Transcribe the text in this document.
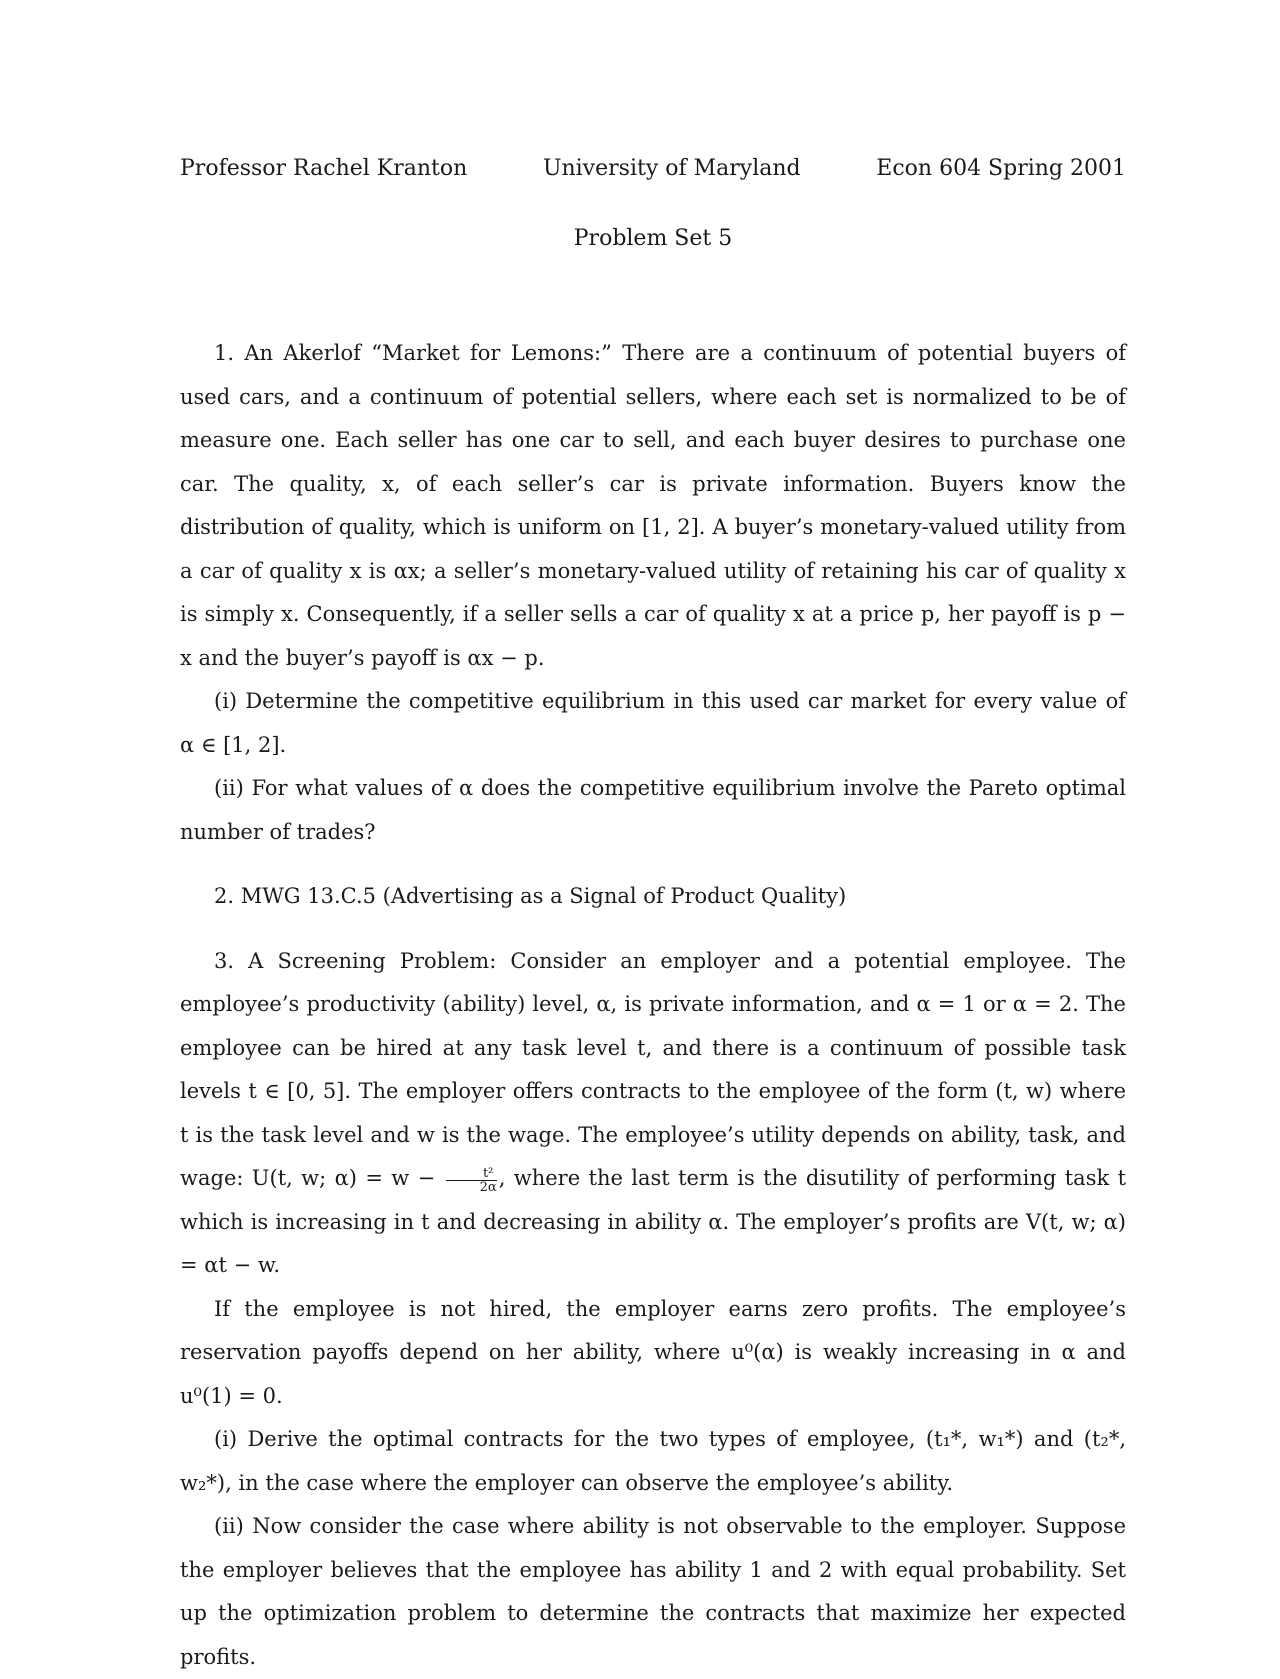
Professor Rachel Kranton	University of Maryland	Econ 604 Spring 2001
Problem Set 5

1. An Akerlof “Market for Lemons:” There are a continuum of potential buyers of used cars, and a continuum of potential sellers, where each set is normalized to be of measure one. Each seller has one car to sell, and each buyer desires to purchase one car. The quality, x, of each seller’s car is private information. Buyers know the distribution of quality, which is uniform on [1, 2]. A buyer’s monetary-valued utility from a car of quality x is αx; a seller’s monetary-valued utility of retaining his car of quality x is simply x. Consequently, if a seller sells a car of quality x at a price p, her payoff is p − x and the buyer’s payoff is αx − p.

(i) Determine the competitive equilibrium in this used car market for every value of α ∈ [1, 2].

(ii) For what values of α does the competitive equilibrium involve the Pareto optimal number of trades?

2. MWG 13.C.5 (Advertising as a Signal of Product Quality)

3. A Screening Problem: Consider an employer and a potential employee. The employee’s productivity (ability) level, α, is private information, and α = 1 or α = 2. The employee can be hired at any task level t, and there is a continuum of possible task levels t ∈ [0, 5]. The employer offers contracts to the employee of the form (t, w) where t is the task level and w is the wage. The employee’s utility depends on ability, task, and wage: U(t, w; $\alpha) = w - \frac{\text{t²}}{2\alpha}$ , where the last term is the disutility of performing task t which is increasing in t and decreasing in ability α. The employer’s profits are V(t, w; α) = αt − w.

If the employee is not hired, the employer earns zero profits. The employee’s reservation payoffs depend on her ability, where u⁰(α) is weakly increasing in α and u⁰(1) = 0.

(i) Derive the optimal contracts for the two types of employee, (t₁*, w₁*) and (t₂*, w₂*), in the case where the employer can observe the employee’s ability.

(ii) Now consider the case where ability is not observable to the employer. Suppose the employer believes that the employee has ability 1 and 2 with equal probability. Set up the optimization problem to determine the contracts that maximize her expected profits.
